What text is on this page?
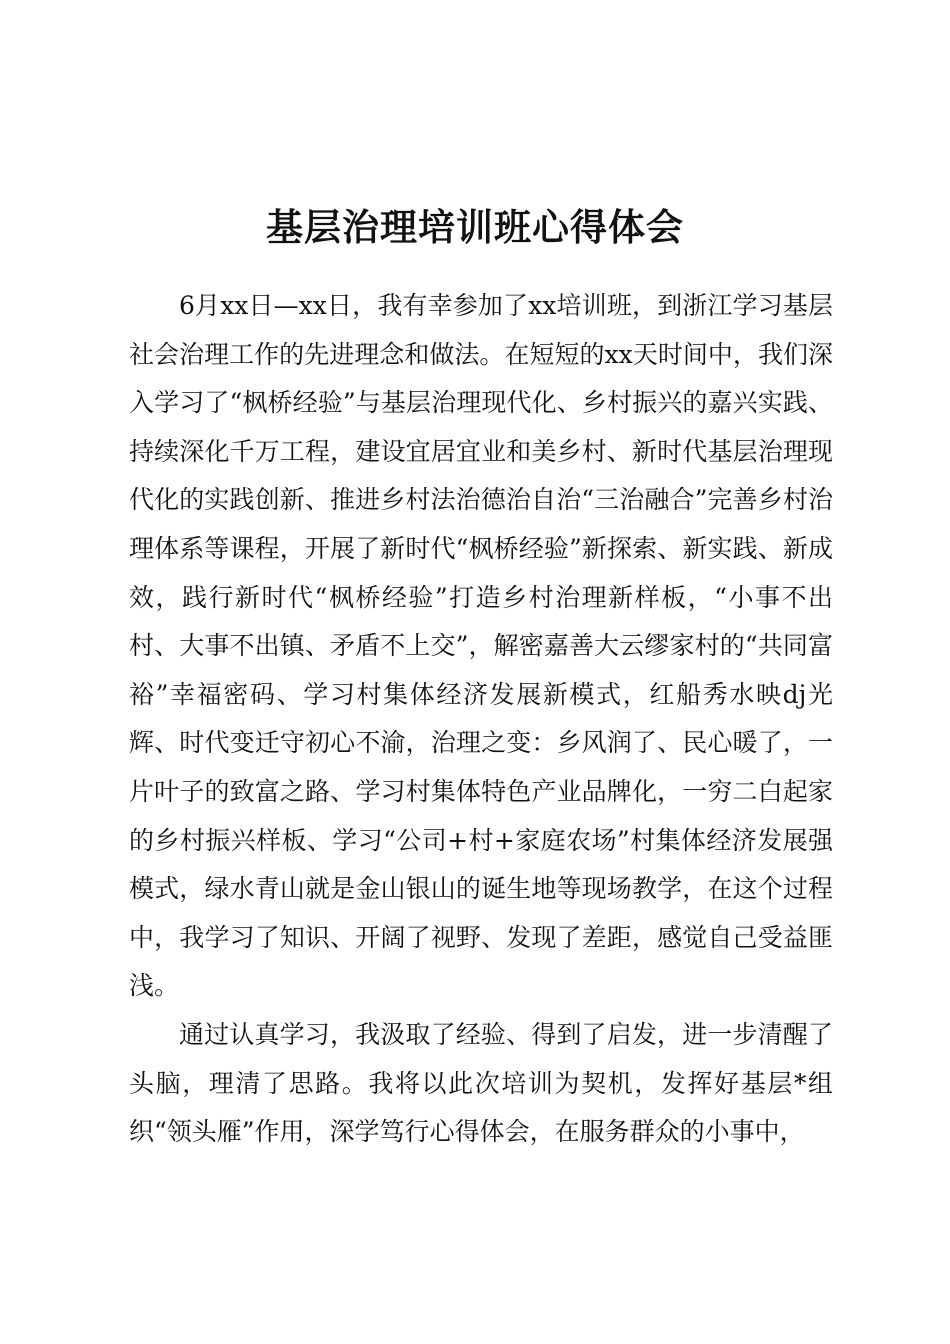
基层治理培训班心得体会

6月xx日—xx日，我有幸参加了xx培训班，到浙江学习基层社会治理工作的先进理念和做法。在短短的xx天时间中，我们深入学习了“枫桥经验”与基层治理现代化、乡村振兴的嘉兴实践、持续深化千万工程，建设宜居宜业和美乡村、新时代基层治理现代化的实践创新、推进乡村法治德治自治“三治融合”完善乡村治理体系等课程，开展了新时代“枫桥经验”新探索、新实践、新成效，践行新时代“枫桥经验”打造乡村治理新样板，“小事不出村、大事不出镇、矛盾不上交”，解密嘉善大云缪家村的“共同富裕”幸福密码、学习村集体经济发展新模式，红船秀水映dj光辉、时代变迁守初心不渝，治理之变：乡风润了、民心暖了，一片叶子的致富之路、学习村集体特色产业品牌化，一穷二白起家的乡村振兴样板、学习“公司+村+家庭农场”村集体经济发展强模式，绿水青山就是金山银山的诞生地等现场教学，在这个过程中，我学习了知识、开阔了视野、发现了差距，感觉自己受益匪浅。

通过认真学习，我汲取了经验、得到了启发，进一步清醒了头脑，理清了思路。我将以此次培训为契机，发挥好基层*组织“领头雁”作用，深学笃行心得体会，在服务群众的小事中，
